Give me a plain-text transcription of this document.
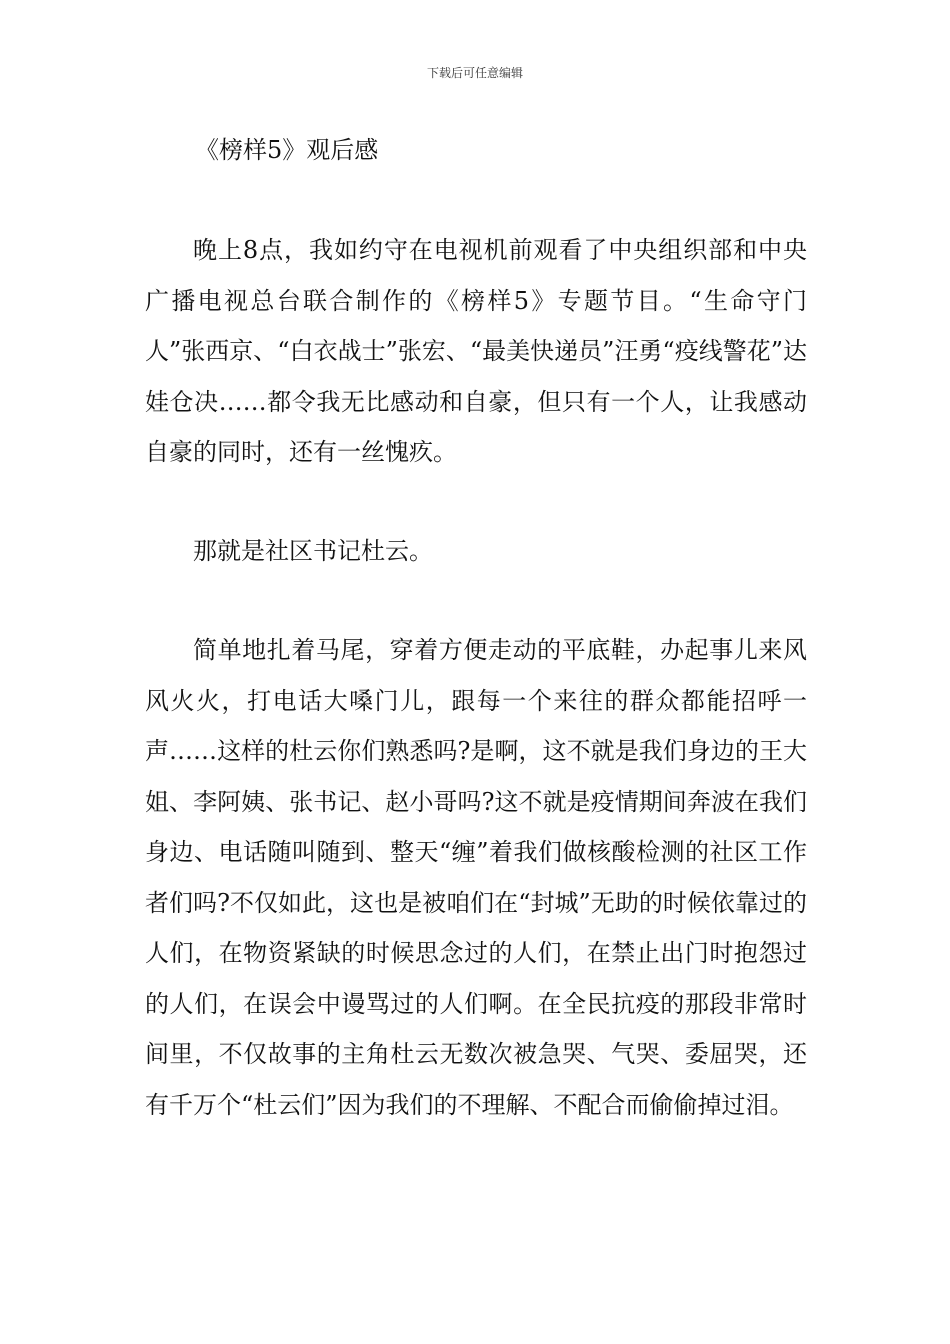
下载后可任意编辑
《榜样5》观后感

晚上8点，我如约守在电视机前观看了中央组织部和中央广播电视总台联合制作的《榜样5》专题节目。“生命守门人”张西京、“白衣战士”张宏、“最美快递员”汪勇“疫线警花”达娃仓决……都令我无比感动和自豪，但只有一个人，让我感动自豪的同时，还有一丝愧疚。

那就是社区书记杜云。

简单地扎着马尾，穿着方便走动的平底鞋，办起事儿来风风火火，打电话大嗓门儿，跟每一个来往的群众都能招呼一声……这样的杜云你们熟悉吗?是啊，这不就是我们身边的王大姐、李阿姨、张书记、赵小哥吗?这不就是疫情期间奔波在我们身边、电话随叫随到、整天“缠”着我们做核酸检测的社区工作者们吗?不仅如此，这也是被咱们在“封城”无助的时候依靠过的人们，在物资紧缺的时候思念过的人们，在禁止出门时抱怨过的人们，在误会中谩骂过的人们啊。在全民抗疫的那段非常时间里，不仅故事的主角杜云无数次被急哭、气哭、委屈哭，还有千万个“杜云们”因为我们的不理解、不配合而偷偷掉过泪。
